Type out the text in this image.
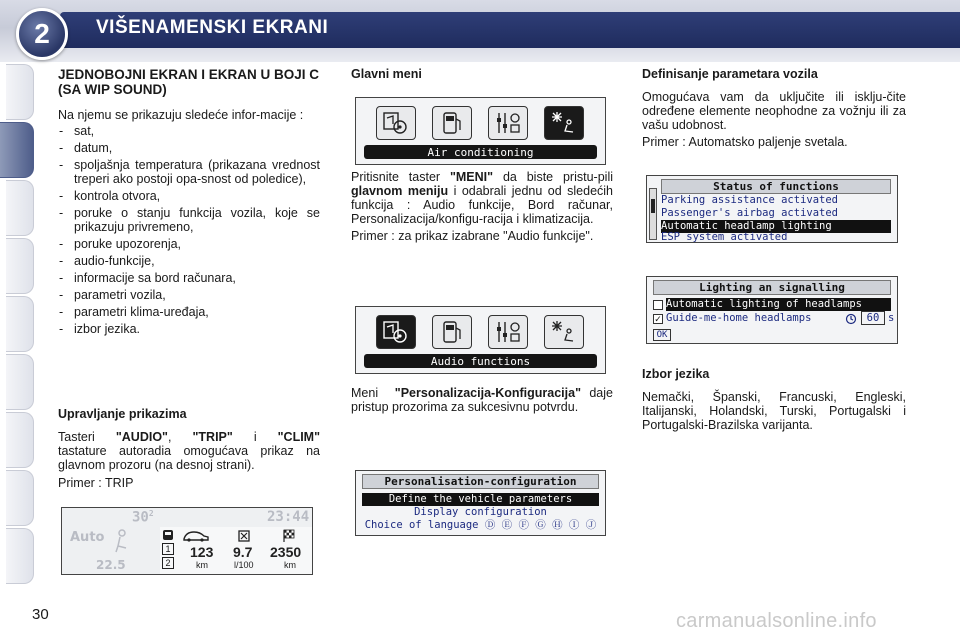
2	VIŠENAMENSKI EKRANI
JEDNOBOJNI EKRAN I EKRAN U BOJI C (SA WIP SOUND)

Na njemu se prikazuju sledeće infor-macije :

- sat,
- datum,
- spoljašnja temperatura (prikazana vrednost treperi ako postoji opa-snost od poledice),
- kontrola otvora,
- poruke o stanju funkcija vozila, koje se prikazuju privremeno,
- poruke upozorenja,
- audio-funkcije,
- informacije sa bord računara,
- parametri vozila,
- parametri klima-uređaja,
- izbor jezika.
Upravljanje prikazima

Tasteri "AUDIO", "TRIP" i "CLIM" tastature autoradia omogućava prikaz na glavnom prozoru (na desnoj strani).

Primer : TRIP

$30^2$	23:44
Auto
22.5
1
2
123
km
9.7
l/100
2350
km
Glavni meni
Air conditioning

Pritisnite taster "MENI" da biste pristu-pili glavnom meniju i odabrali jednu od sledećih funkcija : Audio funkcije, Bord računar, Personalizacija/konfigu-racija i klimatizacija.

Primer : za prikaz izabrane "Audio funkcije".

Audio functions

Meni "Personalizacija-Konfiguracija" daje pristup prozorima za sukcesivnu potvrdu.

Personalisation-configuration
Define the vehicle parameters
Display configuration
Choice of language Ⓓ Ⓔ Ⓕ Ⓖ Ⓗ Ⓘ Ⓙ
Definisanje parametara vozila

Omogućava vam da uključite ili isklju-čite određene elemente neophodne za vožnju ili za vašu udobnost.

Primer : Automatsko paljenje svetala.

Status of functions
Parking assistance activated
Passenger's airbag activated
Automatic headlamp lighting
ESP system activated
Lighting an signalling
Automatic lighting of headlamps
✓ Guide-me-home headlamps	60 s
OK
Izbor jezika

Nemački, Španski, Francuski, Engleski, Italijanski, Holandski, Turski, Portugalski i Portugalski-Brazilska varijanta.

30	carmanualsonline.info
